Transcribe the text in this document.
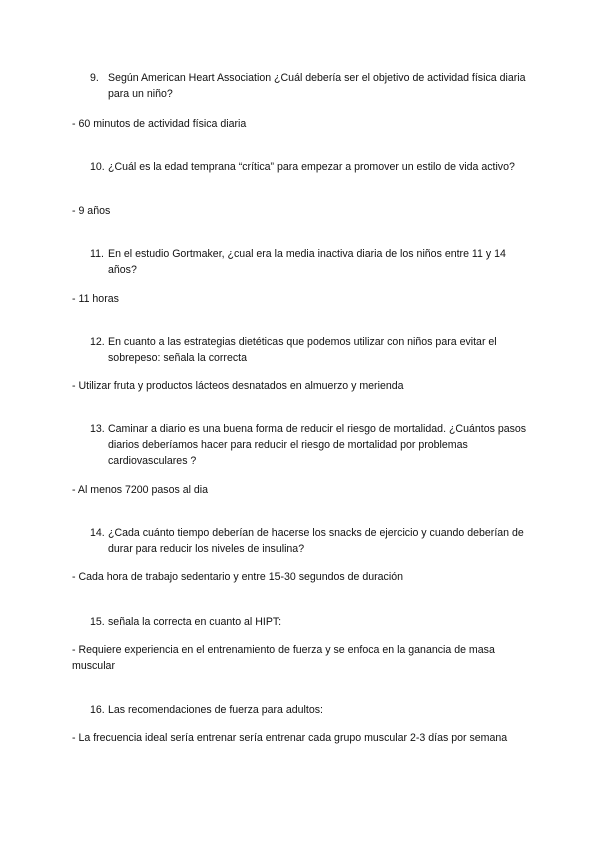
9. Según American Heart Association ¿Cuál debería ser el objetivo de actividad física diaria para un niño?
- 60 minutos de actividad física diaria
10. ¿Cuál es la edad temprana “crítica” para empezar a promover un estilo de vida activo?
- 9 años
11. En el estudio Gortmaker, ¿cual era la media inactiva diaria de los niños entre 11 y 14 años?
- 11 horas
12. En cuanto a las estrategias dietéticas que podemos utilizar con niños para evitar el sobrepeso: señala la correcta
- Utilizar fruta y productos lácteos desnatados en almuerzo y merienda
13. Caminar a diario es una buena forma de reducir el riesgo de mortalidad. ¿Cuántos pasos diarios deberíamos hacer para reducir el riesgo de mortalidad por problemas cardiovasculares ?
- Al menos 7200 pasos al dia
14. ¿Cada cuánto tiempo deberían de hacerse los snacks de ejercicio y cuando deberían de durar para reducir los niveles de insulina?
- Cada hora de trabajo sedentario y entre 15-30 segundos de duración
15. señala la correcta en cuanto al HIPT:
- Requiere experiencia en el entrenamiento de fuerza y se enfoca en la ganancia de masa muscular
16. Las recomendaciones de fuerza para adultos:
- La frecuencia ideal sería entrenar sería entrenar cada grupo muscular 2-3 días por semana
